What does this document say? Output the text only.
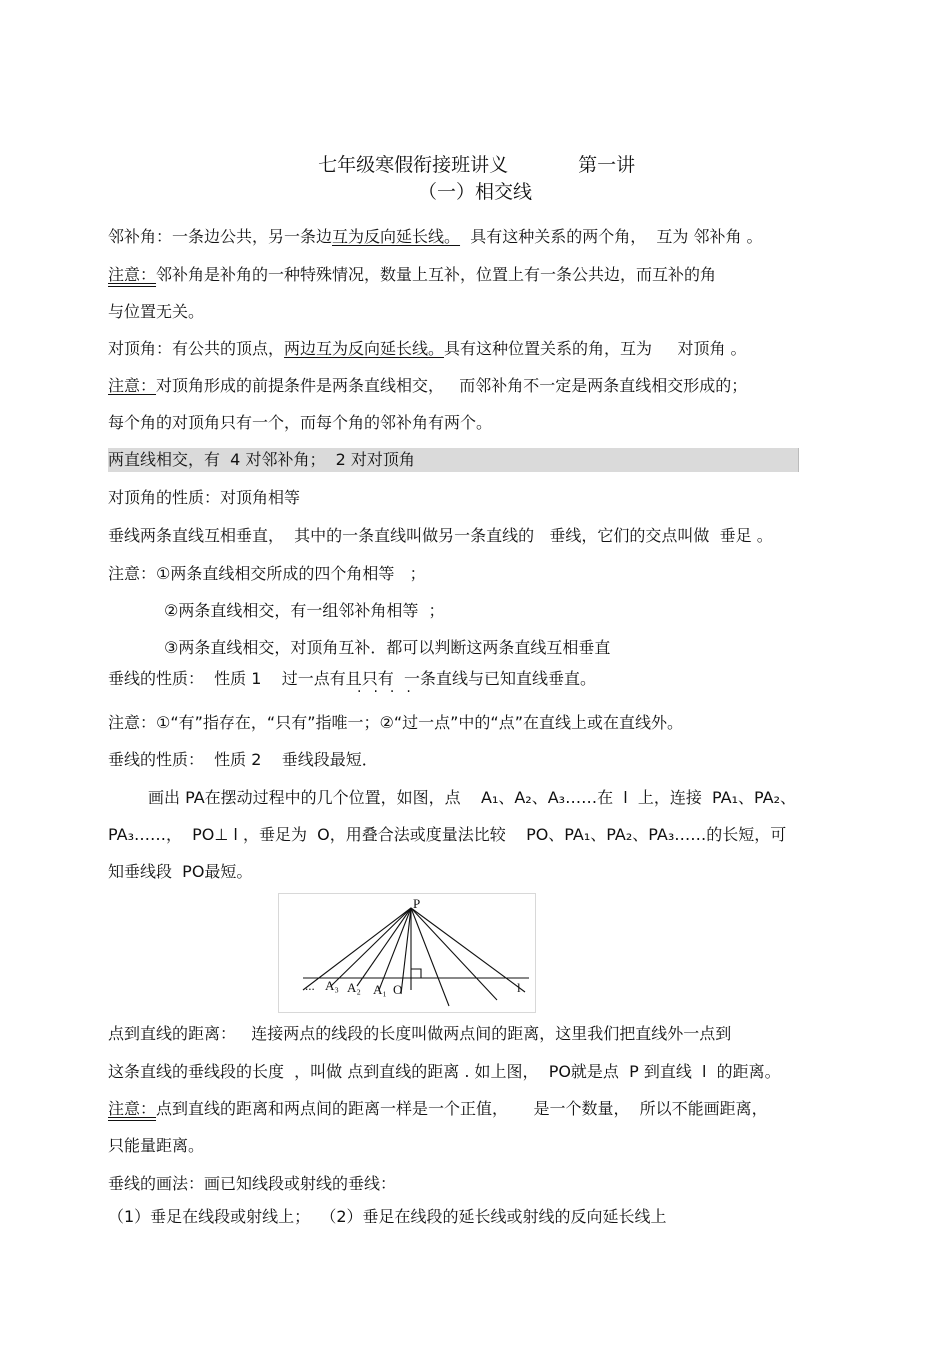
七年级寒假衔接班讲义	第一讲

（一）相交线
邻补角：一条边公共，另一条边互为反向延长线。 具有这种关系的两个角，  互为 邻补角 。
注意：邻补角是补角的一种特殊情况，数量上互补，位置上有一条公共边，而互补的角
与位置无关。
对顶角：有公共的顶点，两边互为反向延长线。具有这种位置关系的角，互为     对顶角 。
注意：对顶角形成的前提条件是两条直线相交，   而邻补角不一定是两条直线相交形成的；
每个角的对顶角只有一个，而每个角的邻补角有两个。
两直线相交，有  4 对邻补角；  2 对对顶角
对顶角的性质：对顶角相等
垂线两条直线互相垂直，  其中的一条直线叫做另一条直线的   垂线，它们的交点叫做  垂足 。
注意：①两条直线相交所成的四个角相等   ；
②两条直线相交，有一组邻补角相等  ；
③两条直线相交，对顶角互补．都可以判断这两条直线互相垂直
垂线的性质：  性质 1    过一点有且只有  一条直线与已知直线垂直。
····
注意：①“有”指存在，“只有”指唯一；②“过一点”中的“点”在直线上或在直线外。
垂线的性质：  性质 2    垂线段最短．
画出 PA在摆动过程中的几个位置，如图，点    A₁、A₂、A₃……在  l  上，连接  PA₁、PA₂、
PA₃……，  PO⊥ l ，垂足为  O，用叠合法或度量法比较    PO、PA₁、PA₂、PA₃……的长短，可
知垂线段  PO最短。
P
... A₃ A₂ A₁ O	l
点到直线的距离：   连接两点的线段的长度叫做两点间的距离，这里我们把直线外一点到
这条直线的垂线段的长度  ，叫做 点到直线的距离 . 如上图，  PO就是点  P 到直线  l  的距离。
注意：点到直线的距离和两点间的距离一样是一个正值，     是一个数量，  所以不能画距离，
只能量距离。
垂线的画法：画已知线段或射线的垂线：
（1）垂足在线段或射线上；  （2）垂足在线段的延长线或射线的反向延长线上
